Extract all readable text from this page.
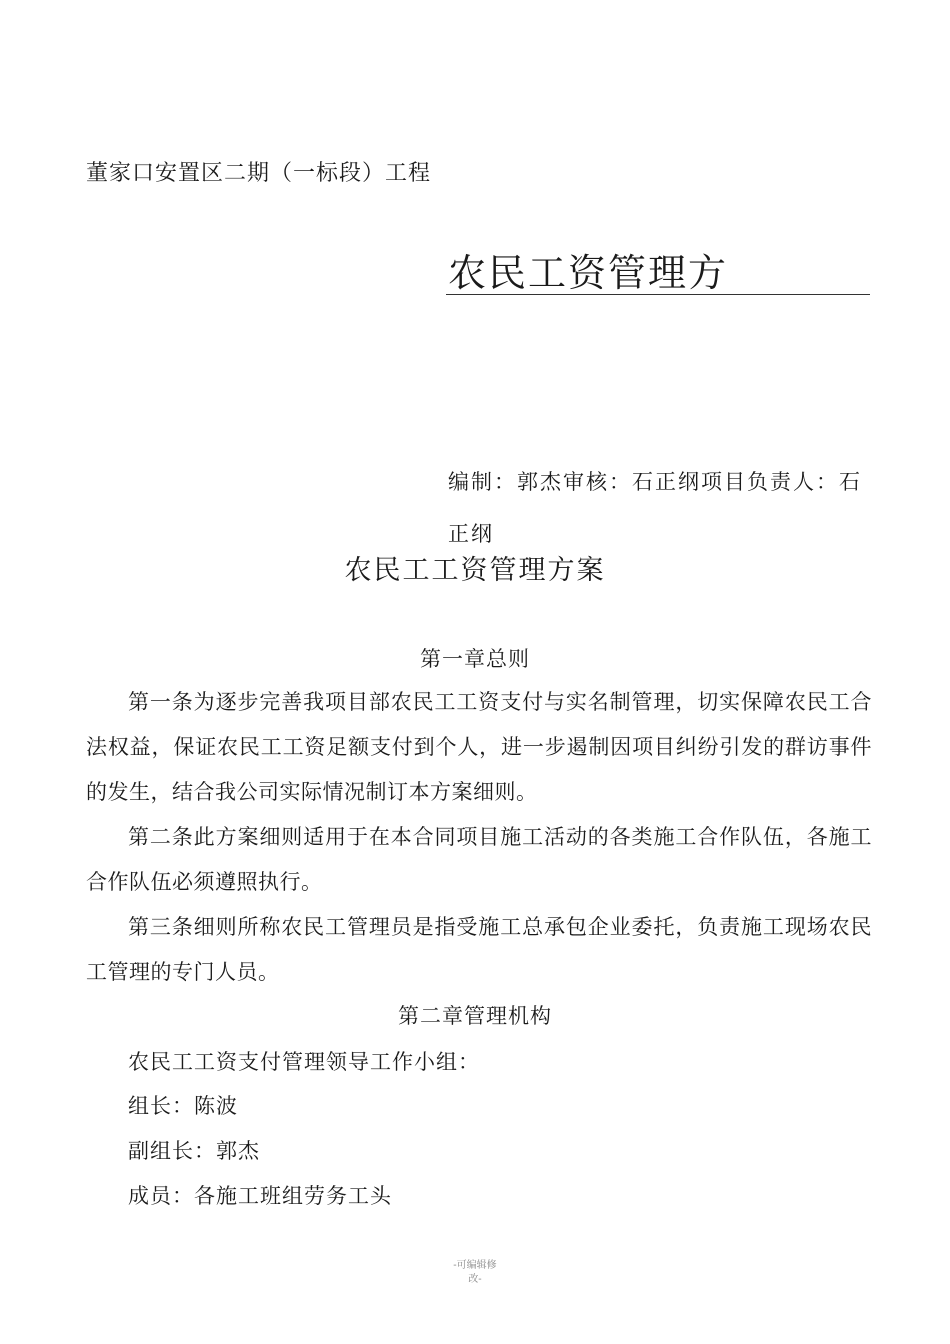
董家口安置区二期（一标段）工程
农民工资管理方
编制：郭杰审核：石正纲项目负责人：石
正纲
农民工工资管理方案
第一章总则
第一条为逐步完善我项目部农民工工资支付与实名制管理，切实保障农民工合法权益，保证农民工工资足额支付到个人，进一步遏制因项目纠纷引发的群访事件的发生，结合我公司实际情况制订本方案细则。
第二条此方案细则适用于在本合同项目施工活动的各类施工合作队伍，各施工合作队伍必须遵照执行。
第三条细则所称农民工管理员是指受施工总承包企业委托，负责施工现场农民工管理的专门人员。
第二章管理机构
农民工工资支付管理领导工作小组：
组长：陈波
副组长：郭杰
成员：各施工班组劳务工头
-可编辑修
改-
